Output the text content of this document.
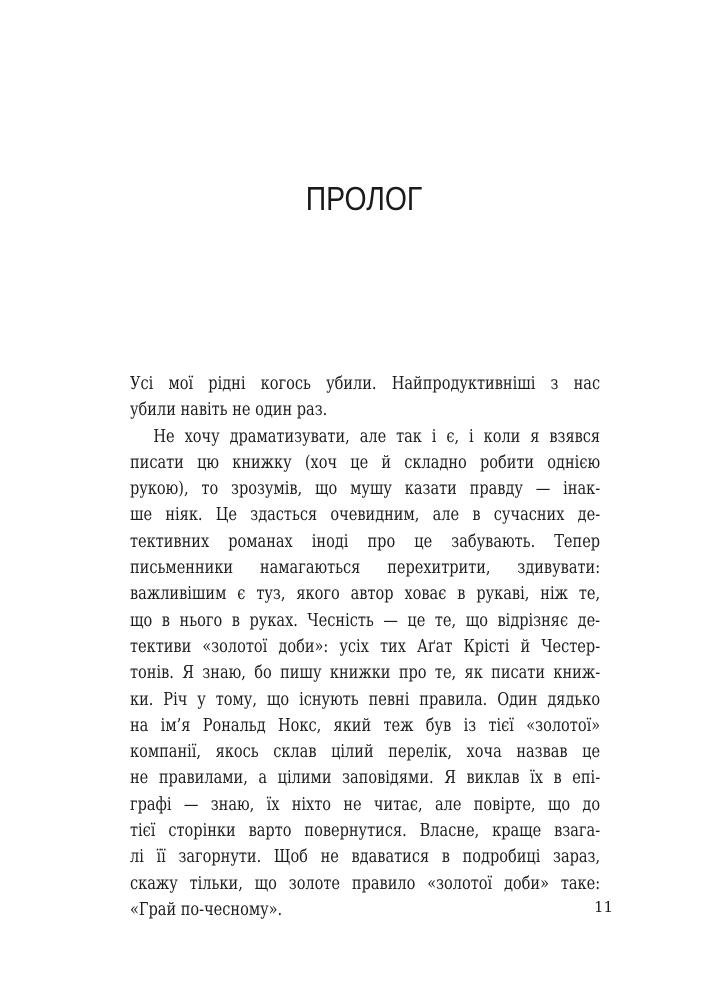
ПРОЛОГ
Усі мої рідні когось убили. Найпродуктивніші з нас
убили навіть не один раз.
Не хочу драматизувати, але так і є, і коли я взявся
писати цю книжку (хоч це й складно робити однією
рукою), то зрозумів, що мушу казати правду — інак-
ше ніяк. Це здасться очевидним, але в сучасних де-
тективних романах іноді про це забувають. Тепер
письменники намагаються перехитрити, здивувати:
важливішим є туз, якого автор ховає в рукаві, ніж те,
що в нього в руках. Чесність — це те, що відрізняє де-
тективи «золотої доби»: усіх тих Аґат Крісті й Честер-
тонів. Я знаю, бо пишу книжки про те, як писати книж-
ки. Річ у тому, що існують певні правила. Один дядько
на ім’я Рональд Нокс, який теж був із тієї «золотої»
компанії, якось склав цілий перелік, хоча назвав це
не правилами, а цілими заповідями. Я виклав їх в епі-
графі — знаю, їх ніхто не читає, але повірте, що до
тієї сторінки варто повернутися. Власне, краще взага-
лі її загорнути. Щоб не вдаватися в подробиці зараз,
скажу тільки, що золоте правило «золотої доби» таке:
«Грай по-чесному».	11
